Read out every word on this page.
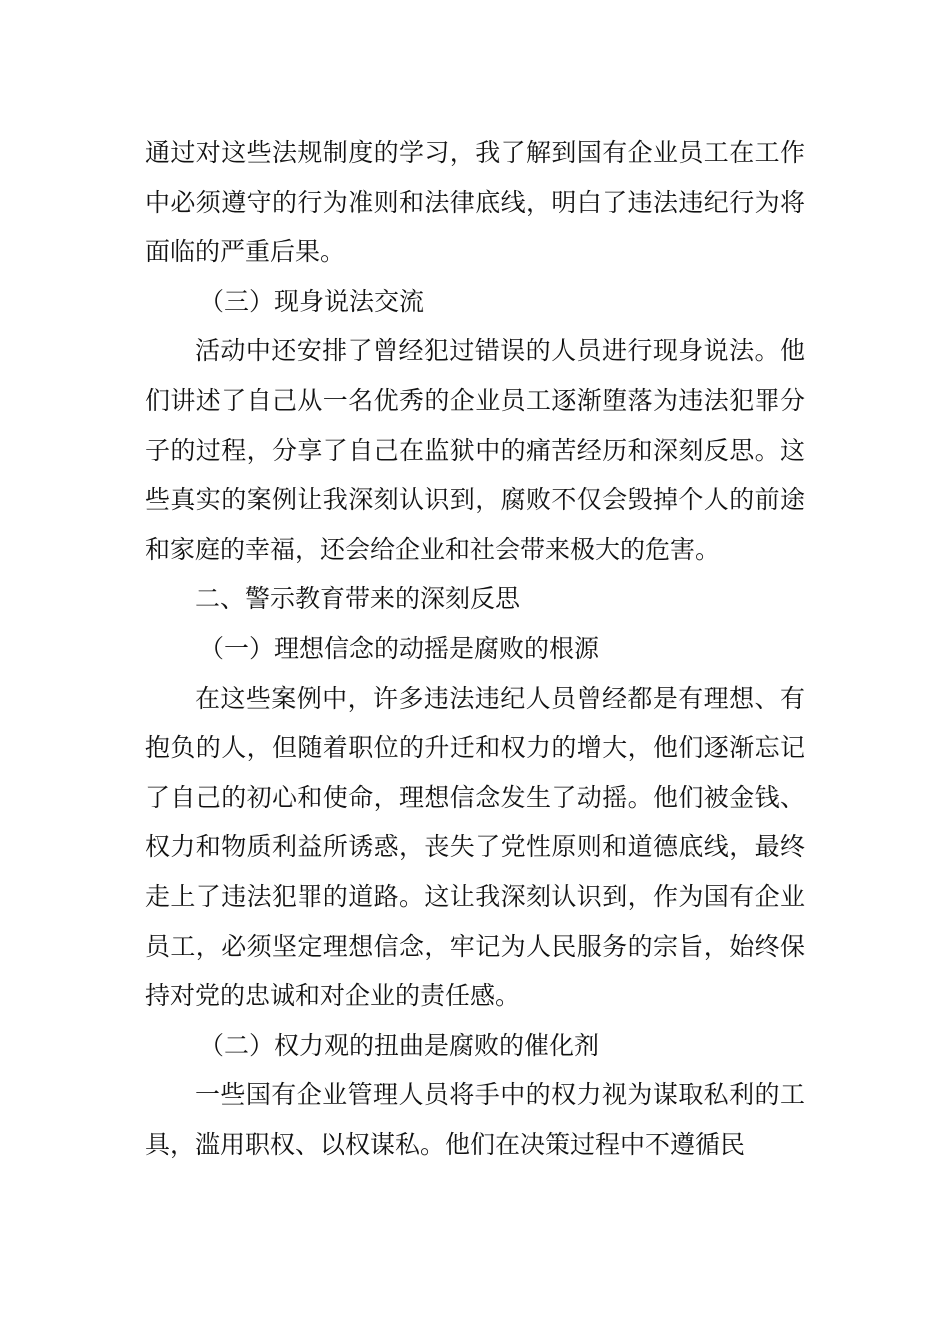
通过对这些法规制度的学习，我了解到国有企业员工在工作中必须遵守的行为准则和法律底线，明白了违法违纪行为将面临的严重后果。

（三）现身说法交流

活动中还安排了曾经犯过错误的人员进行现身说法。他们讲述了自己从一名优秀的企业员工逐渐堕落为违法犯罪分子的过程，分享了自己在监狱中的痛苦经历和深刻反思。这些真实的案例让我深刻认识到，腐败不仅会毁掉个人的前途和家庭的幸福，还会给企业和社会带来极大的危害。

二、警示教育带来的深刻反思

（一）理想信念的动摇是腐败的根源

在这些案例中，许多违法违纪人员曾经都是有理想、有抱负的人，但随着职位的升迁和权力的增大，他们逐渐忘记了自己的初心和使命，理想信念发生了动摇。他们被金钱、权力和物质利益所诱惑，丧失了党性原则和道德底线，最终走上了违法犯罪的道路。这让我深刻认识到，作为国有企业员工，必须坚定理想信念，牢记为人民服务的宗旨，始终保持对党的忠诚和对企业的责任感。

（二）权力观的扭曲是腐败的催化剂

一些国有企业管理人员将手中的权力视为谋取私利的工具，滥用职权、以权谋私。他们在决策过程中不遵循民
